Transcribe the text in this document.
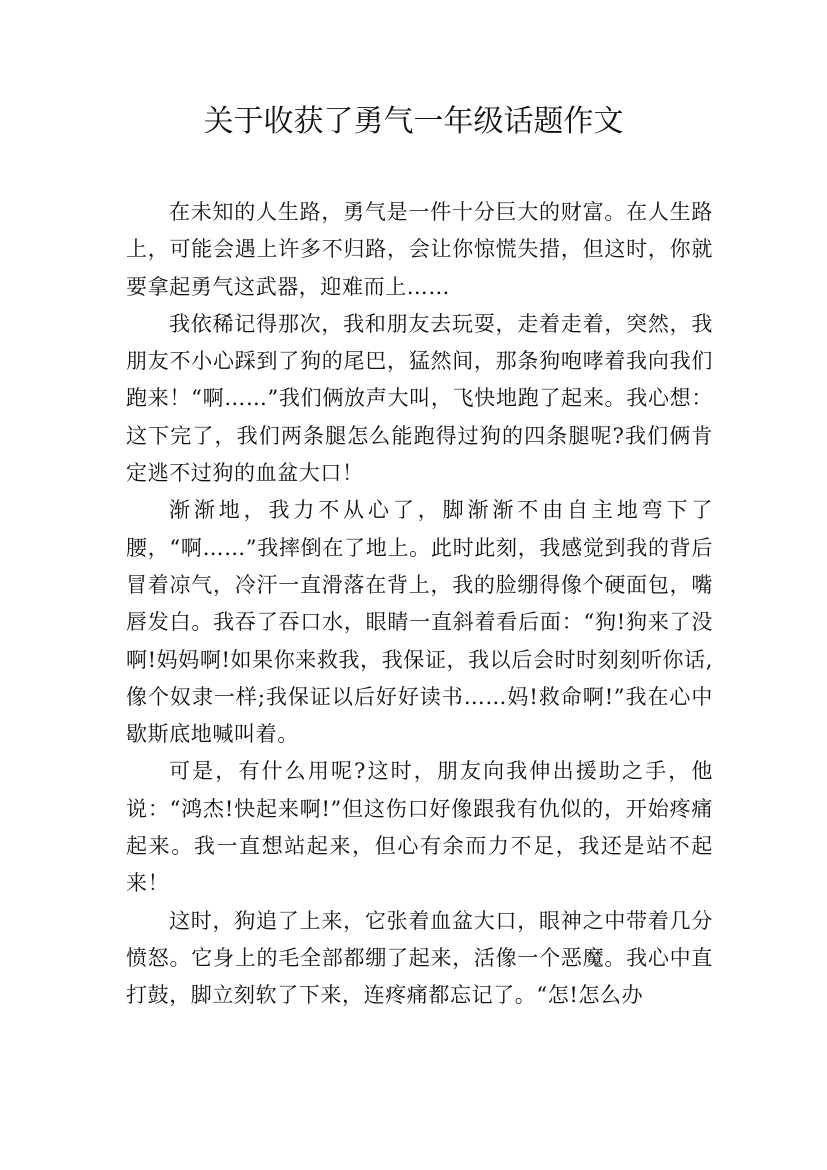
关于收获了勇气一年级话题作文

在未知的人生路，勇气是一件十分巨大的财富。在人生路上，可能会遇上许多不归路，会让你惊慌失措，但这时，你就要拿起勇气这武器，迎难而上……

我依稀记得那次，我和朋友去玩耍，走着走着，突然，我朋友不小心踩到了狗的尾巴，猛然间，那条狗咆哮着我向我们跑来！“啊……”我们俩放声大叫，飞快地跑了起来。我心想：这下完了，我们两条腿怎么能跑得过狗的四条腿呢?我们俩肯定逃不过狗的血盆大口！

渐渐地，我力不从心了，脚渐渐不由自主地弯下了腰，“啊……”我摔倒在了地上。此时此刻，我感觉到我的背后冒着凉气，冷汗一直滑落在背上，我的脸绷得像个硬面包，嘴唇发白。我吞了吞口水，眼睛一直斜着看后面：“狗!狗来了没啊!妈妈啊!如果你来救我，我保证，我以后会时时刻刻听你话,像个奴隶一样;我保证以后好好读书……妈!救命啊!”我在心中歇斯底地喊叫着。

可是，有什么用呢?这时，朋友向我伸出援助之手，他说：“鸿杰!快起来啊!”但这伤口好像跟我有仇似的，开始疼痛起来。我一直想站起来，但心有余而力不足，我还是站不起来！

这时，狗追了上来，它张着血盆大口，眼神之中带着几分愤怒。它身上的毛全部都绷了起来，活像一个恶魔。我心中直打鼓，脚立刻软了下来，连疼痛都忘记了。“怎!怎么办
